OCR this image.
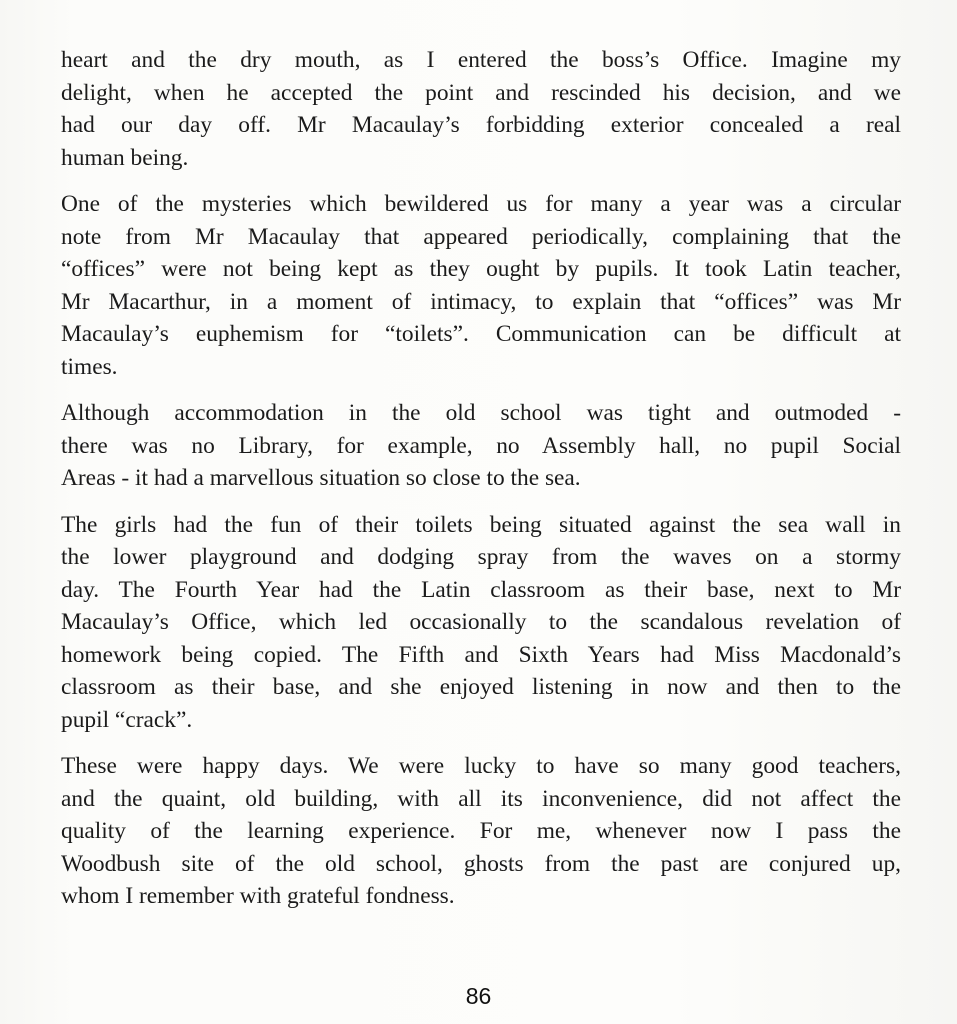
heart and the dry mouth, as I entered the boss’s Office. Imagine my
delight, when he accepted the point and rescinded his decision, and we
had our day off. Mr Macaulay’s forbidding exterior concealed a real
human being.
One of the mysteries which bewildered us for many a year was a circular
note from Mr Macaulay that appeared periodically, complaining that the
“offices” were not being kept as they ought by pupils. It took Latin teacher,
Mr Macarthur, in a moment of intimacy, to explain that “offices” was Mr
Macaulay’s euphemism for “toilets”. Communication can be difficult at
times.
Although accommodation in the old school was tight and outmoded -
there was no Library, for example, no Assembly hall, no pupil Social
Areas - it had a marvellous situation so close to the sea.
The girls had the fun of their toilets being situated against the sea wall in
the lower playground and dodging spray from the waves on a stormy
day. The Fourth Year had the Latin classroom as their base, next to Mr
Macaulay’s Office, which led occasionally to the scandalous revelation of
homework being copied. The Fifth and Sixth Years had Miss Macdonald’s
classroom as their base, and she enjoyed listening in now and then to the
pupil “crack”.
These were happy days. We were lucky to have so many good teachers,
and the quaint, old building, with all its inconvenience, did not affect the
quality of the learning experience. For me, whenever now I pass the
Woodbush site of the old school, ghosts from the past are conjured up,
whom I remember with grateful fondness.
86
